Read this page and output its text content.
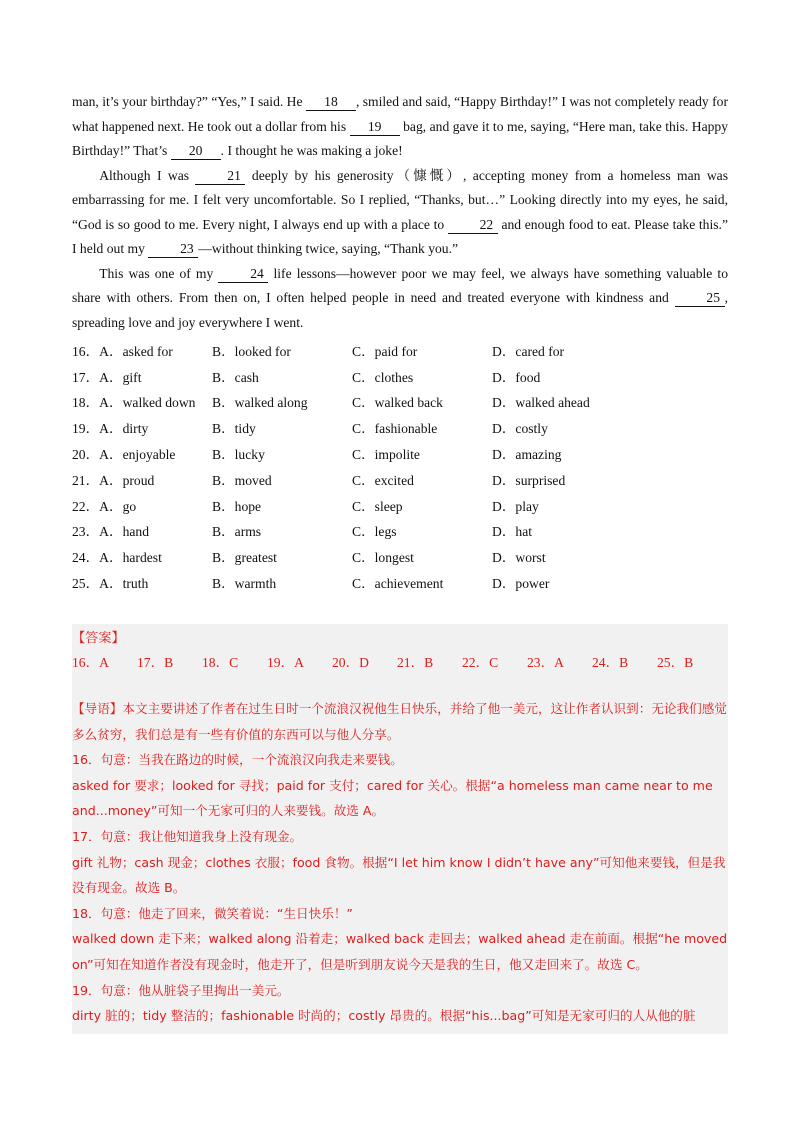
man, it’s your birthday?” “Yes,” I said. He 18 , smiled and said, “Happy Birthday!” I was not completely ready for what happened next. He took out a dollar from his 19 bag, and gave it to me, saying, “Here man, take this. Happy Birthday!” That’s 20 . I thought he was making a joke!

Although I was 21 deeply by his generosity（慷慨）, accepting money from a homeless man was embarrassing for me. I felt very uncomfortable. So I replied, “Thanks, but…” Looking directly into my eyes, he said, “God is so good to me. Every night, I always end up with a place to 22 and enough food to eat. Please take this.” I held out my 23 —without thinking twice, saying, “Thank you.”

This was one of my 24 life lessons—however poor we may feel, we always have something valuable to share with others. From then on, I often helped people in need and treated everyone with kindness and 25 , spreading love and joy everywhere I went.

16．A．asked for	B．looked for	C．paid for	D．cared for
17．A．gift	B．cash	C．clothes	D．food
18．A．walked down	B．walked along	C．walked back	D．walked ahead
19．A．dirty	B．tidy	C．fashionable	D．costly
20．A．enjoyable	B．lucky	C．impolite	D．amazing
21．A．proud	B．moved	C．excited	D．surprised
22．A．go	B．hope	C．sleep	D．play
23．A．hand	B．arms	C．legs	D．hat
24．A．hardest	B．greatest	C．longest	D．worst
25．A．truth	B．warmth	C．achievement	D．power
【答案】
16．A	17．B	18．C	19．A	20．D	21．B	22．C	23．A	24．B	25．B

【导语】本文主要讲述了作者在过生日时一个流浪汉祝他生日快乐，并给了他一美元，这让作者认识到：无论我们感觉多么贫穷，我们总是有一些有价值的东西可以与他人分享。

16．句意：当我在路边的时候，一个流浪汉向我走来要钱。

asked for 要求；looked for 寻找；paid for 支付；cared for 关心。根据“a homeless man came near to me and...money”可知一个无家可归的人来要钱。故选 A。

17．句意：我让他知道我身上没有现金。

gift 礼物；cash 现金；clothes 衣服；food 食物。根据“I let him know I didn’t have any”可知他来要钱，但是我没有现金。故选 B。

18．句意：他走了回来，微笑着说：“生日快乐！”

walked down 走下来；walked along 沿着走；walked back 走回去；walked ahead 走在前面。根据“he moved on”可知在知道作者没有现金时，他走开了，但是听到朋友说今天是我的生日，他又走回来了。故选 C。

19．句意：他从脏袋子里掏出一美元。

dirty 脏的；tidy 整洁的；fashionable 时尚的；costly 昂贵的。根据“his...bag”可知是无家可归的人从他的脏
